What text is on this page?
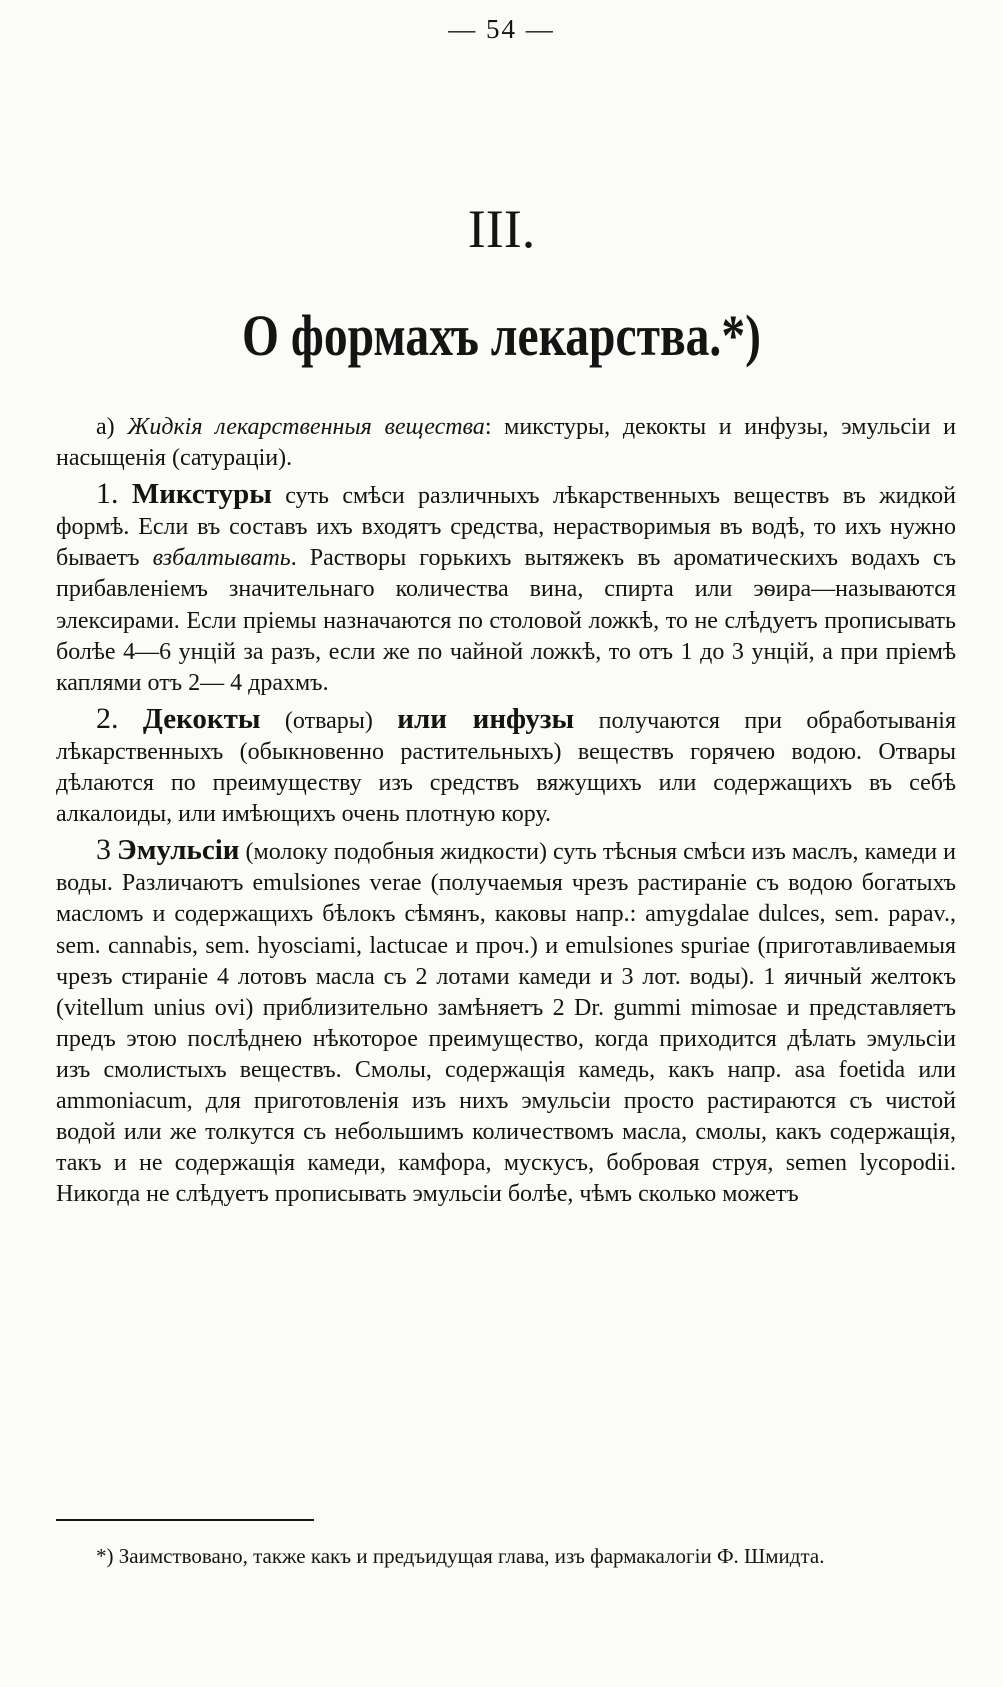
— 54 —
III.
О формахъ лекарства.*)

a) Жидкія лекарственныя вещества: микстуры, декокты и инфузы, эмульсіи и насыщенія (сатураціи).

1. Микстуры суть смѣси различныхъ лѣкарственныхъ веществъ въ жидкой формѣ. Если въ составъ ихъ входятъ средства, нерастворимыя въ водѣ, то ихъ нужно бываетъ взбалтывать. Растворы горькихъ вытяжекъ въ ароматическихъ водахъ съ прибавленіемъ значительнаго количества вина, спирта или эѳира—называются элексирами. Если пріемы назначаются по столовой ложкѣ, то не слѣдуетъ прописывать болѣе 4—6 унцій за разъ, если же по чайной ложкѣ, то отъ 1 до 3 унцій, а при пріемѣ каплями отъ 2— 4 драхмъ.

2. Декокты (отвары) или инфузы получаются при обработыванія лѣкарственныхъ (обыкновенно растительныхъ) веществъ горячею водою. Отвары дѣлаются по преимуществу изъ средствъ вяжущихъ или содержащихъ въ себѣ алкалоиды, или имѣющихъ очень плотную кору.

3 Эмульсіи (молоку подобныя жидкости) суть тѣсныя смѣси изъ маслъ, камеди и воды. Различаютъ emulsiones verae (получаемыя чрезъ растираніе съ водою богатыхъ масломъ и содержащихъ бѣлокъ сѣмянъ, каковы напр.: amygdalae dulces, sem. papav., sem. cannabis, sem. hyosciami, lactucae и проч.) и emulsiones spuriae (приготавливаемыя чрезъ стираніе 4 лотовъ масла съ 2 лотами камеди и 3 лот. воды). 1 яичный желтокъ (vitellum unius ovi) приблизительно замѣняетъ 2 Dr. gummi mimosae и представляетъ предъ этою послѣднею нѣкоторое преимущество, когда приходится дѣлать эмульсіи изъ смолистыхъ веществъ. Смолы, содержащія камедь, какъ напр. asa foetida или ammoniacum, для приготовленія изъ нихъ эмульсіи просто растираются съ чистой водой или же толкутся съ небольшимъ количествомъ масла, смолы, какъ содержащія, такъ и не содержащія камеди, камфора, мускусъ, бобровая струя, semen lycopodii. Никогда не слѣдуетъ прописывать эмульсіи болѣе, чѣмъ сколько можетъ

*) Заимствовано, также какъ и предъидущая глава, изъ фармакалогіи Ф. Шмидта.
